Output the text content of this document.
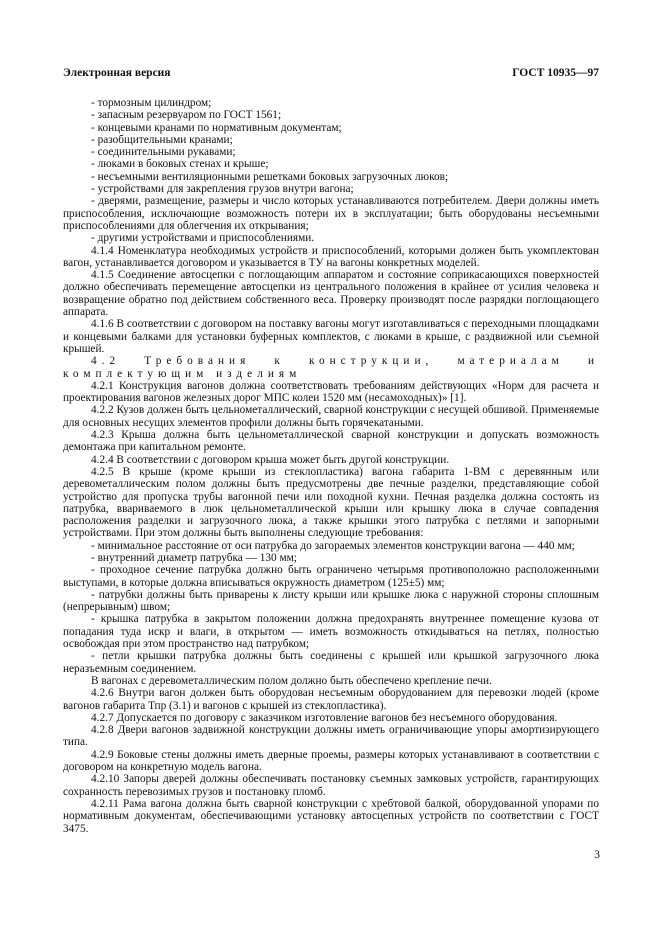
Электронная версия	ГОСТ 10935—97

- тормозным цилиндром;

- запасным резервуаром по ГОСТ 1561;

- концевыми кранами по нормативным документам;

- разобщительными кранами;

- соединительными рукавами;

- люками в боковых стенах и крыше;

- несъемными вентиляционными решетками боковых загрузочных люков;

- устройствами для закрепления грузов внутри вагона;

- дверями, размещение, размеры и число которых устанавливаются потребителем. Двери должны иметь приспособления, исключающие возможность потери их в эксплуатации; быть оборудованы несъемными приспособлениями для облегчения их открывания;

- другими устройствами и приспособлениями.

4.1.4 Номенклатура необходимых устройств и приспособлений, которыми должен быть укомплектован вагон, устанавливается договором и указывается в ТУ на вагоны конкретных моделей.

4.1.5 Соединение автосцепки с поглощающим аппаратом и состояние соприкасающихся поверхностей должно обеспечивать перемещение автосцепки из центрального положения в крайнее от усилия человека и возвращение обратно под действием собственного веса. Проверку производят после разрядки поглощающего аппарата.

4.1.6 В соответствии с договором на поставку вагоны могут изготавливаться с переходными площадками и концевыми балками для установки буферных комплектов, с люками в крыше, с раздвижной или съемной крышей.

4.2 Требования к конструкции, материалам и комплектующим изделиям

4.2.1 Конструкция вагонов должна соответствовать требованиям действующих «Норм для расчета и проектирования вагонов железных дорог МПС колеи 1520 мм (несамоходных)» [1].

4.2.2 Кузов должен быть цельнометаллический, сварной конструкции с несущей обшивой. Применяемые для основных несущих элементов профили должны быть горячекатаными.

4.2.3 Крыша должна быть цельнометаллической сварной конструкции и допускать возможность демонтажа при капитальном ремонте.

4.2.4 В соответствии с договором крыша может быть другой конструкции.

4.2.5 В крыше (кроме крыши из стеклопластика) вагона габарита 1-ВМ с деревянным или деревометаллическим полом должны быть предусмотрены две печные разделки, представляющие собой устройство для пропуска трубы вагонной печи или походной кухни. Печная разделка должна состоять из патрубка, вваривaемого в люк цельнометаллической крыши или крышку люка в случае совпадения расположения разделки и загрузочного люка, а также крышки этого патрубка с петлями и запорными устройствами. При этом должны быть выполнены следующие требования:

- минимальное расстояние от оси патрубка до загораемых элементов конструкции вагона — 440 мм;

- внутренний диаметр патрубка — 130 мм;

- проходное сечение патрубка должно быть ограничено четырьмя противоположно расположенными выступами, в которые должна вписываться окружность диаметром (125±5) мм;

- патрубки должны быть приварены к листу крыши или крышке люка с наружной стороны сплошным (непрерывным) швом;

- крышка патрубка в закрытом положении должна предохранять внутреннее помещение кузова от попадания туда искр и влаги, в открытом — иметь возможность откидываться на петлях, полностью освобождая при этом пространство над патрубком;

- петли крышки патрубка должны быть соединены с крышей или крышкой загрузочного люка неразъемным соединением.

В вагонах с деревометаллическим полом должно быть обеспечено крепление печи.

4.2.6 Внутри вагон должен быть оборудован несъемным оборудованием для перевозки людей (кроме вагонов габарита Тпр (3.1) и вагонов с крышей из стеклопластика).

4.2.7 Допускается по договору с заказчиком изготовление вагонов без несъемного оборудования.

4.2.8 Двери вагонов задвижной конструкции должны иметь ограничивающие упоры амортизирующего типа.

4.2.9 Боковые стены должны иметь дверные проемы, размеры которых устанавливают в соответствии с договором на конкретную модель вагона.

4.2.10 Запоры дверей должны обеспечивать постановку съемных замковых устройств, гарантирующих сохранность перевозимых грузов и постановку пломб.

4.2.11 Рама вагона должна быть сварной конструкции с хребтовой балкой, оборудованной упорами по нормативным документам, обеспечивающими установку автосцепных устройств по соответствии с ГОСТ 3475.

3
